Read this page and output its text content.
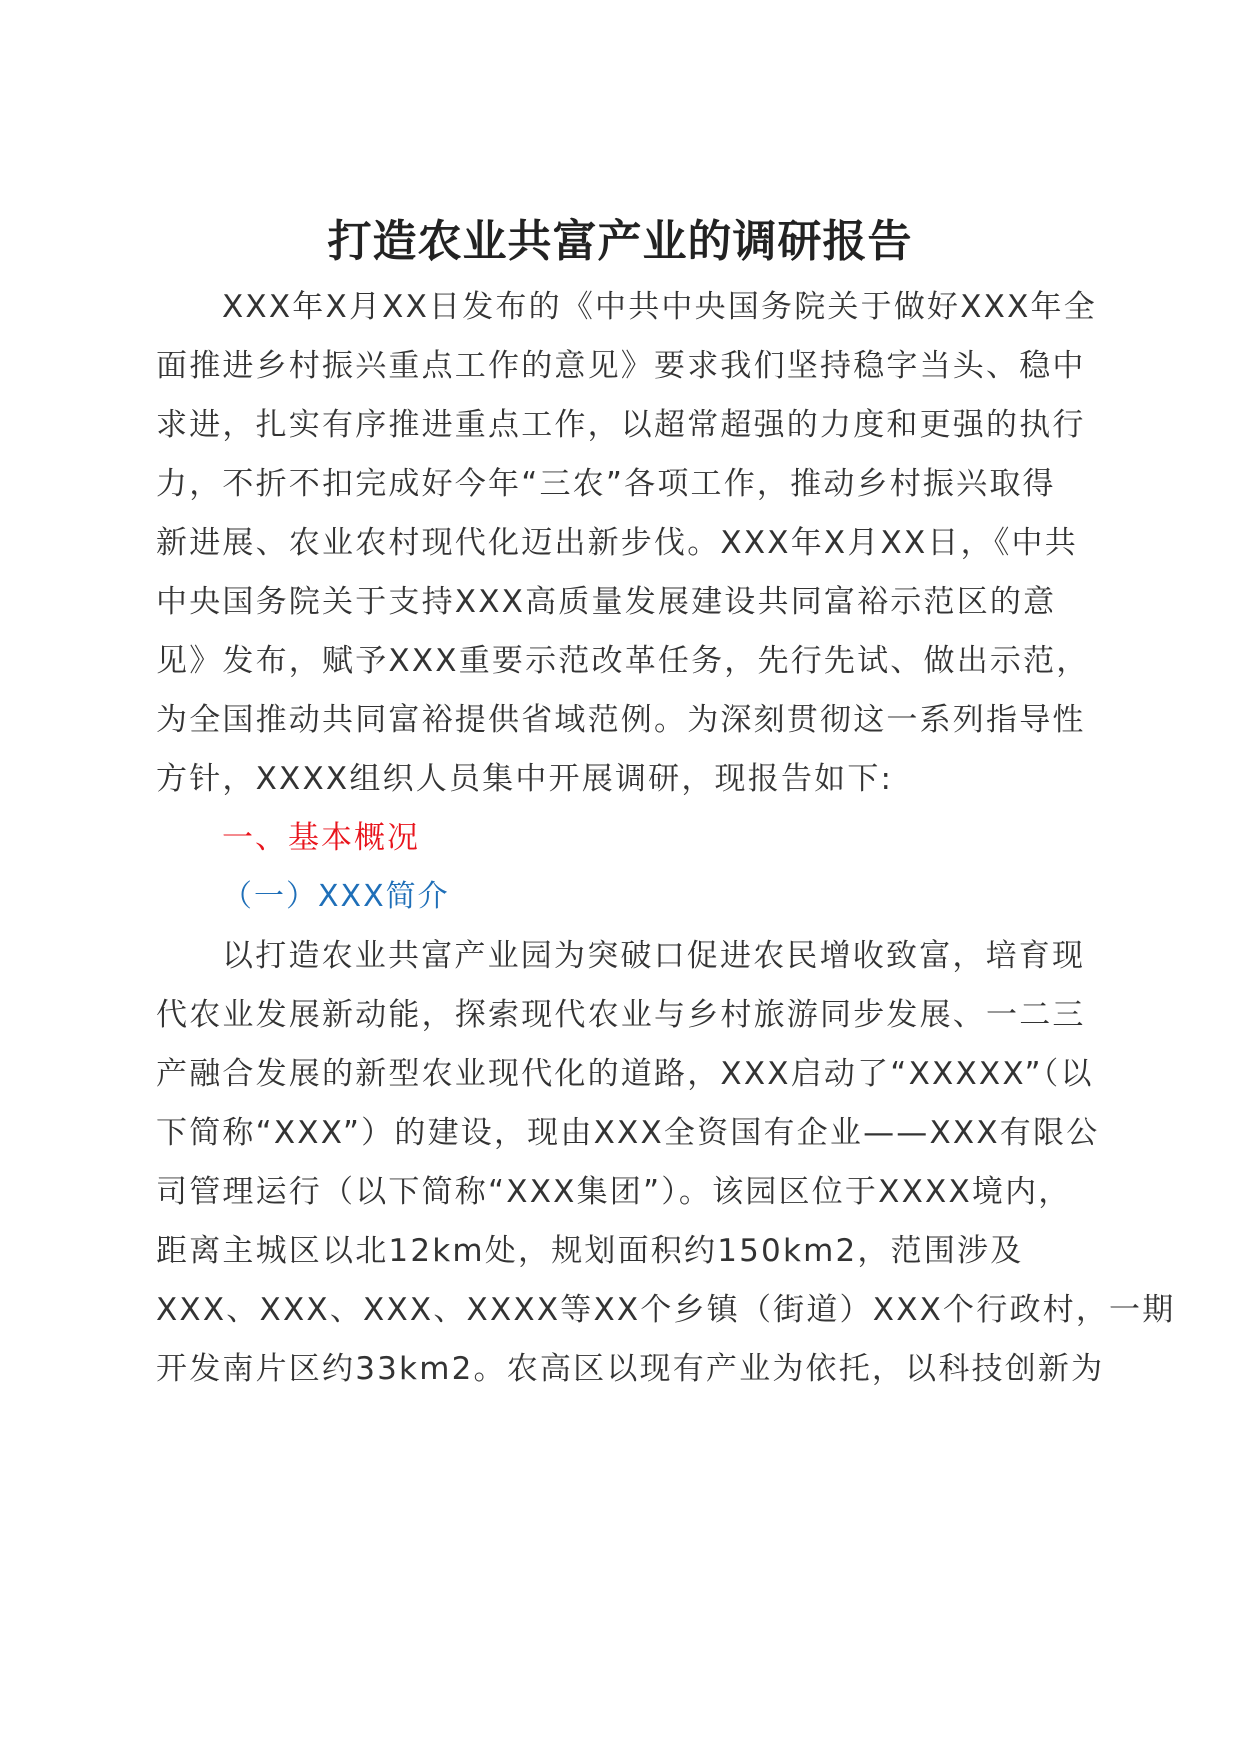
打造农业共富产业的调研报告
XXX年X月XX日发布的《中共中央国务院关于做好XXX年全
面推进乡村振兴重点工作的意见》要求我们坚持稳字当头、稳中
求进，扎实有序推进重点工作，以超常超强的力度和更强的执行
力，不折不扣完成好今年“三农”各项工作，推动乡村振兴取得
新进展、农业农村现代化迈出新步伐。XXX年X月XX日，《中共
中央国务院关于支持XXX高质量发展建设共同富裕示范区的意
见》发布，赋予XXX重要示范改革任务，先行先试、做出示范，
为全国推动共同富裕提供省域范例。为深刻贯彻这一系列指导性
方针，XXXX组织人员集中开展调研，现报告如下:
一、基本概况
（一）XXX简介
以打造农业共富产业园为突破口促进农民增收致富，培育现
代农业发展新动能，探索现代农业与乡村旅游同步发展、一二三
产融合发展的新型农业现代化的道路，XXX启动了“XXXXX”（以
下简称“XXX”）的建设，现由XXX全资国有企业——XXX有限公
司管理运行（以下简称“XXX集团”）。该园区位于XXXX境内，
距离主城区以北12km处，规划面积约150km2，范围涉及
XXX、XXX、XXX、XXXX等XX个乡镇（街道）XXX个行政村，一期
开发南片区约33km2。农高区以现有产业为依托，以科技创新为
